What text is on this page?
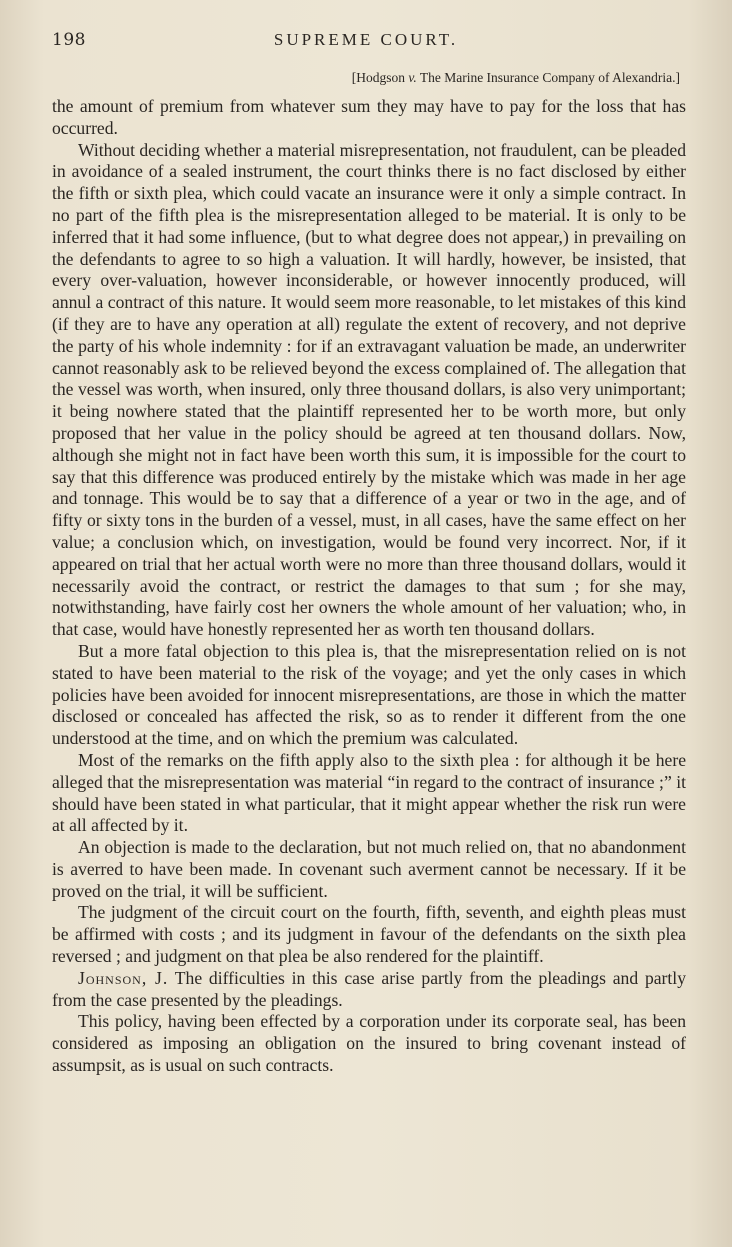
198	SUPREME COURT.
[Hodgson v. The Marine Insurance Company of Alexandria.]

the amount of premium from whatever sum they may have to pay for the loss that has occurred.

Without deciding whether a material misrepresentation, not fraudulent, can be pleaded in avoidance of a sealed instrument, the court thinks there is no fact disclosed by either the fifth or sixth plea, which could vacate an insurance were it only a simple contract. In no part of the fifth plea is the misrepresentation alleged to be material. It is only to be inferred that it had some influence, (but to what degree does not appear,) in prevailing on the defendants to agree to so high a valuation. It will hardly, however, be insisted, that every over-valuation, however inconsiderable, or however innocently produced, will annul a contract of this nature. It would seem more reasonable, to let mistakes of this kind (if they are to have any operation at all) regulate the extent of recovery, and not deprive the party of his whole indemnity : for if an extravagant valuation be made, an underwriter cannot reasonably ask to be relieved beyond the excess complained of. The allegation that the vessel was worth, when insured, only three thousand dollars, is also very unimportant; it being nowhere stated that the plaintiff represented her to be worth more, but only proposed that her value in the policy should be agreed at ten thousand dollars. Now, although she might not in fact have been worth this sum, it is impossible for the court to say that this difference was produced entirely by the mistake which was made in her age and tonnage. This would be to say that a difference of a year or two in the age, and of fifty or sixty tons in the burden of a vessel, must, in all cases, have the same effect on her value; a conclusion which, on investigation, would be found very incorrect. Nor, if it appeared on trial that her actual worth were no more than three thousand dollars, would it necessarily avoid the contract, or restrict the damages to that sum ; for she may, notwithstanding, have fairly cost her owners the whole amount of her valuation; who, in that case, would have honestly represented her as worth ten thousand dollars.

But a more fatal objection to this plea is, that the misrepresentation relied on is not stated to have been material to the risk of the voyage; and yet the only cases in which policies have been avoided for innocent misrepresentations, are those in which the matter disclosed or concealed has affected the risk, so as to render it different from the one understood at the time, and on which the premium was calculated.

Most of the remarks on the fifth apply also to the sixth plea : for although it be here alleged that the misrepresentation was material “in regard to the contract of insurance ;” it should have been stated in what particular, that it might appear whether the risk run were at all affected by it.

An objection is made to the declaration, but not much relied on, that no abandonment is averred to have been made. In covenant such averment cannot be necessary. If it be proved on the trial, it will be sufficient.

The judgment of the circuit court on the fourth, fifth, seventh, and eighth pleas must be affirmed with costs ; and its judgment in favour of the defendants on the sixth plea reversed ; and judgment on that plea be also rendered for the plaintiff.

Johnson, J. The difficulties in this case arise partly from the pleadings and partly from the case presented by the pleadings.

This policy, having been effected by a corporation under its corporate seal, has been considered as imposing an obligation on the insured to bring covenant instead of assumpsit, as is usual on such contracts.
